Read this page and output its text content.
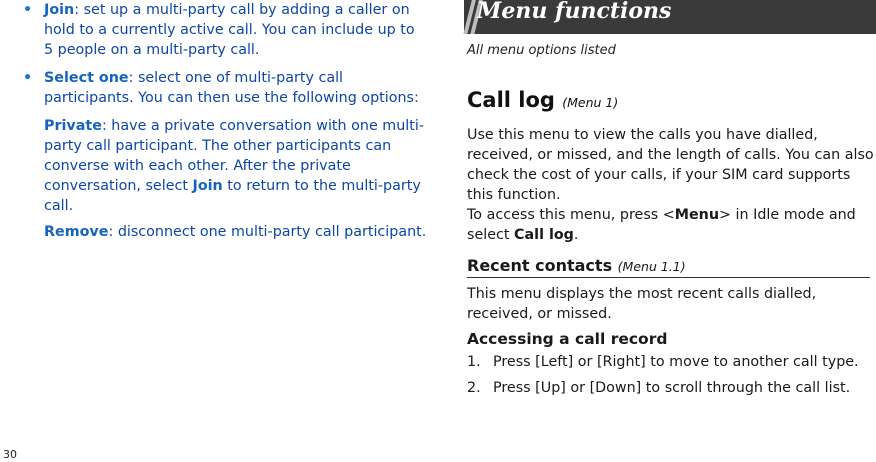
• Join: set up a multi-party call by adding a caller on hold to a currently active call. You can include up to 5 people on a multi-party call.
• Select one: select one of multi-party call participants. You can then use the following options:
Private: have a private conversation with one multi-party call participant. The other participants can converse with each other. After the private conversation, select Join to return to the multi-party call.
Remove: disconnect one multi-party call participant.
Menu functions
All menu options listed
Call log (Menu 1)
Use this menu to view the calls you have dialled, received, or missed, and the length of calls. You can also check the cost of your calls, if your SIM card supports this function.
To access this menu, press <Menu> in Idle mode and select Call log.
Recent contacts (Menu 1.1)
This menu displays the most recent calls dialled, received, or missed.
Accessing a call record
1. Press [Left] or [Right] to move to another call type.
2. Press [Up] or [Down] to scroll through the call list.
30
